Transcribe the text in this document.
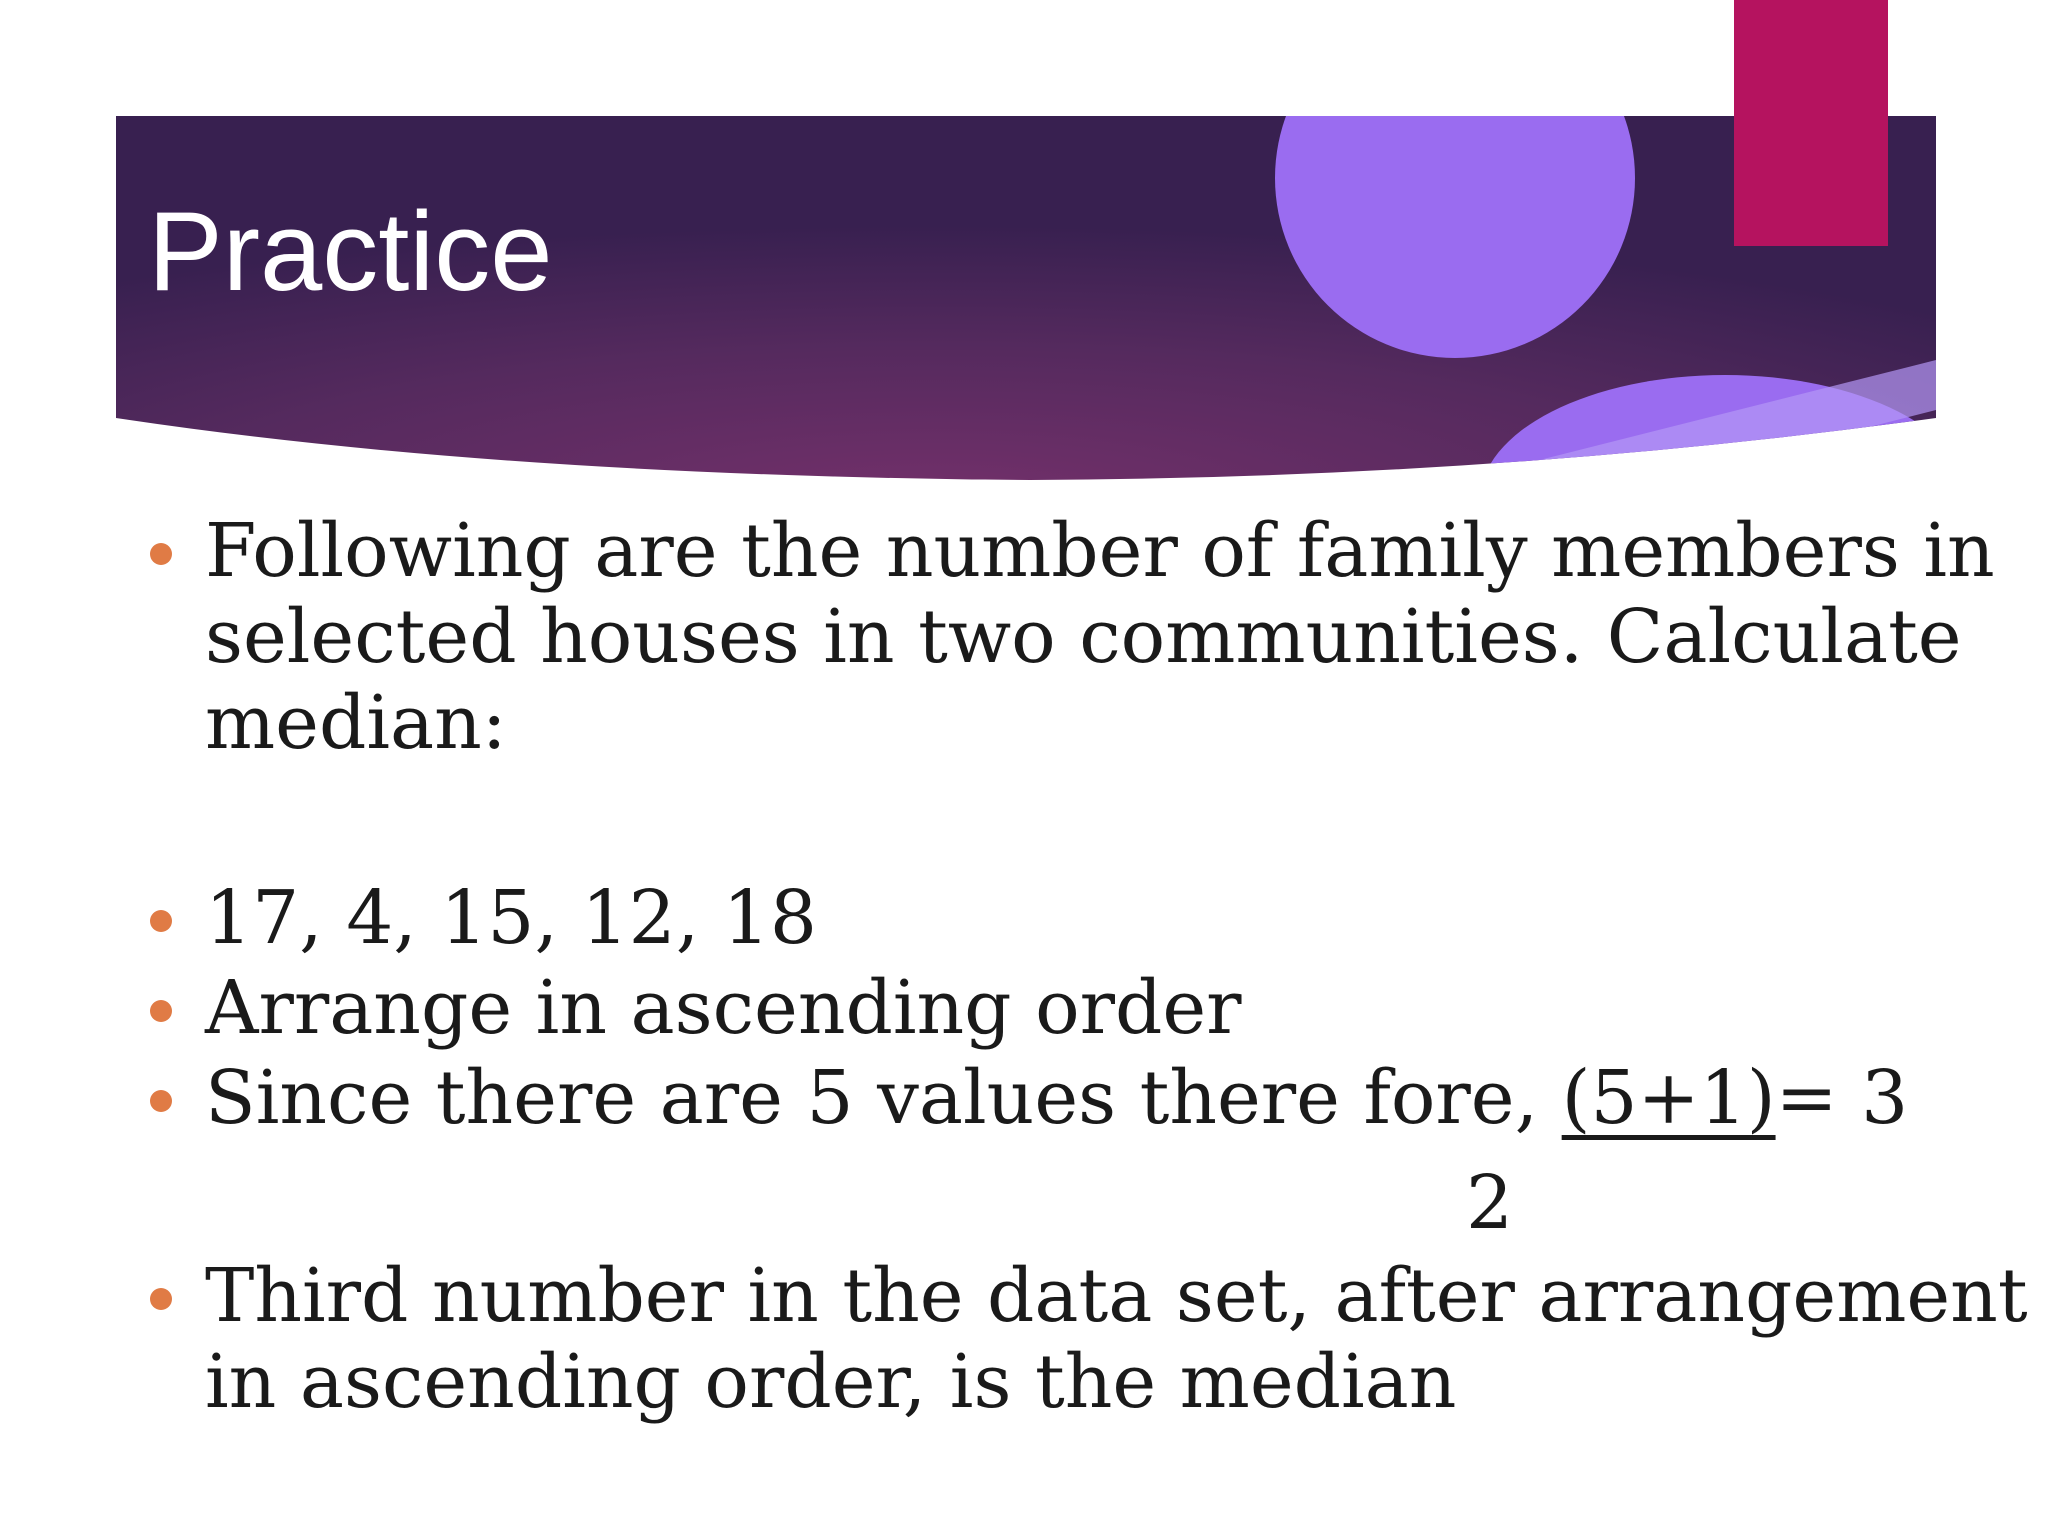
Practice
Following are the number of family members in
selected houses in two communities. Calculate
median:
17, 4, 15, 12, 18
Arrange in ascending order
Since there are 5 values there fore, (5+1)= 3
2
Third number in the data set, after arrangement
in ascending order, is the median
